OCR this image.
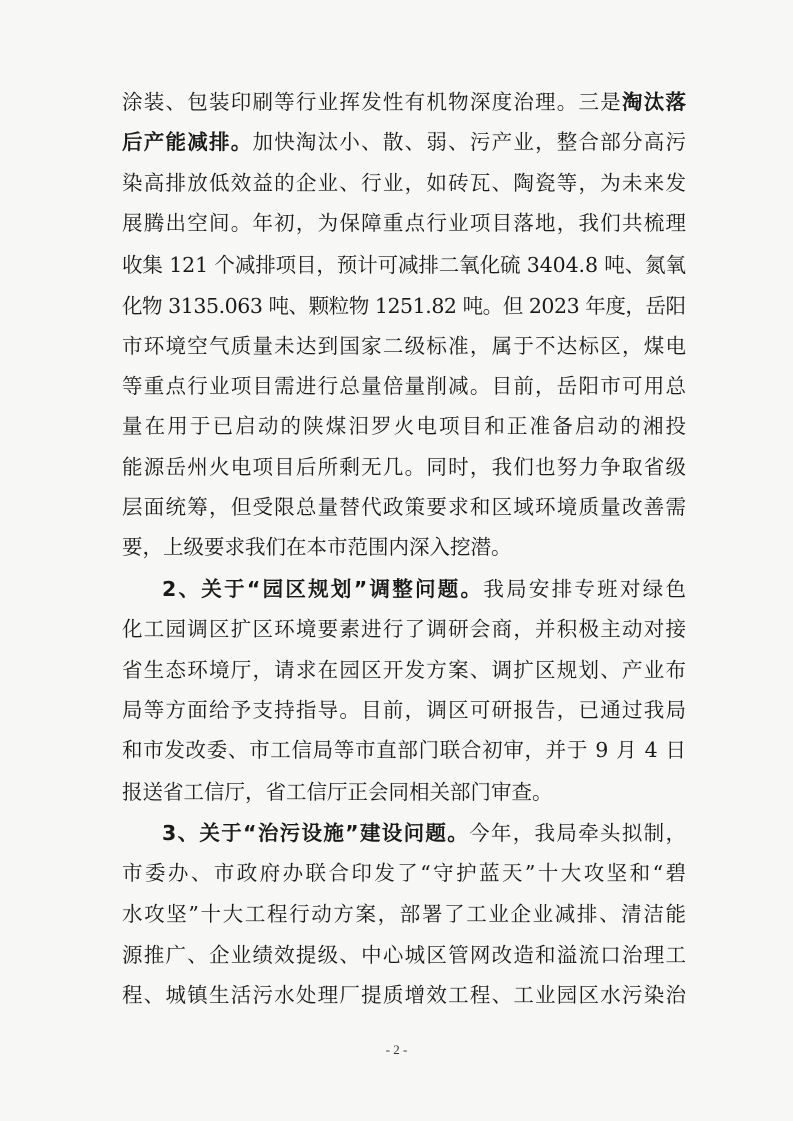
涂装、包装印刷等行业挥发性有机物深度治理。三是淘汰落

后产能减排。加快淘汰小、散、弱、污产业，整合部分高污

染高排放低效益的企业、行业，如砖瓦、陶瓷等，为未来发

展腾出空间。年初，为保障重点行业项目落地，我们共梳理

收集 121 个减排项目，预计可减排二氧化硫 3404.8 吨、氮氧

化物 3135.063 吨、颗粒物 1251.82 吨。但 2023 年度，岳阳

市环境空气质量未达到国家二级标准，属于不达标区，煤电

等重点行业项目需进行总量倍量削减。目前，岳阳市可用总

量在用于已启动的陕煤汨罗火电项目和正准备启动的湘投

能源岳州火电项目后所剩无几。同时，我们也努力争取省级

层面统筹，但受限总量替代政策要求和区域环境质量改善需

要，上级要求我们在本市范围内深入挖潜。

2、关于“园区规划”调整问题。我局安排专班对绿色

化工园调区扩区环境要素进行了调研会商，并积极主动对接

省生态环境厅，请求在园区开发方案、调扩区规划、产业布

局等方面给予支持指导。目前，调区可研报告，已通过我局

和市发改委、市工信局等市直部门联合初审，并于 9 月 4 日

报送省工信厅，省工信厅正会同相关部门审查。

3、关于“治污设施”建设问题。今年，我局牵头拟制，

市委办、市政府办联合印发了“守护蓝天”十大攻坚和“碧

水攻坚”十大工程行动方案，部署了工业企业减排、清洁能

源推广、企业绩效提级、中心城区管网改造和溢流口治理工

程、城镇生活污水处理厂提质增效工程、工业园区水污染治

- 2 -
